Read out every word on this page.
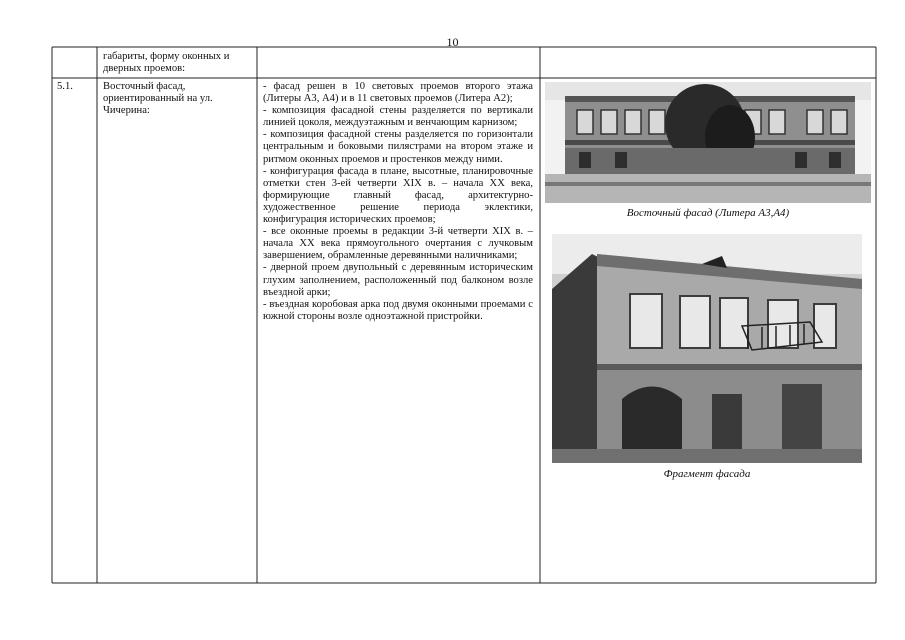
10
габариты, форму оконных и дверных проемов:
5.1.	Восточный фасад, ориентированный на ул. Чичерина:

- фасад решен в 10 световых проемов второго этажа (Литеры А3, А4) и в 11 световых проемов (Литера А2);

- композиция фасадной стены разделяется по вертикали линией цоколя, междуэтажным и венчающим карнизом;

- композиция фасадной стены разделяется по горизонтали центральным и боковыми пилястрами на втором этаже и ритмом оконных проемов и простенков между ними.

- конфигурация фасада в плане, высотные, планировочные отметки стен 3-ей четверти XIX в. – начала XX века, формирующие главный фасад, архитектурно-художественное решение периода эклектики, конфигурация исторических проемов;

- все оконные проемы в редакции 3-й четверти XIX в. – начала XX века прямоугольного очертания с лучковым завершением, обрамленные деревянными наличниками;

- дверной проем двупольный с деревянным историческим глухим заполнением, расположенный под балконом возле въездной арки;

- въездная коробовая арка под двумя оконными проемами с южной стороны возле одноэтажной пристройки.

Восточный фасад (Литера А3,А4)
Фрагмент фасада
